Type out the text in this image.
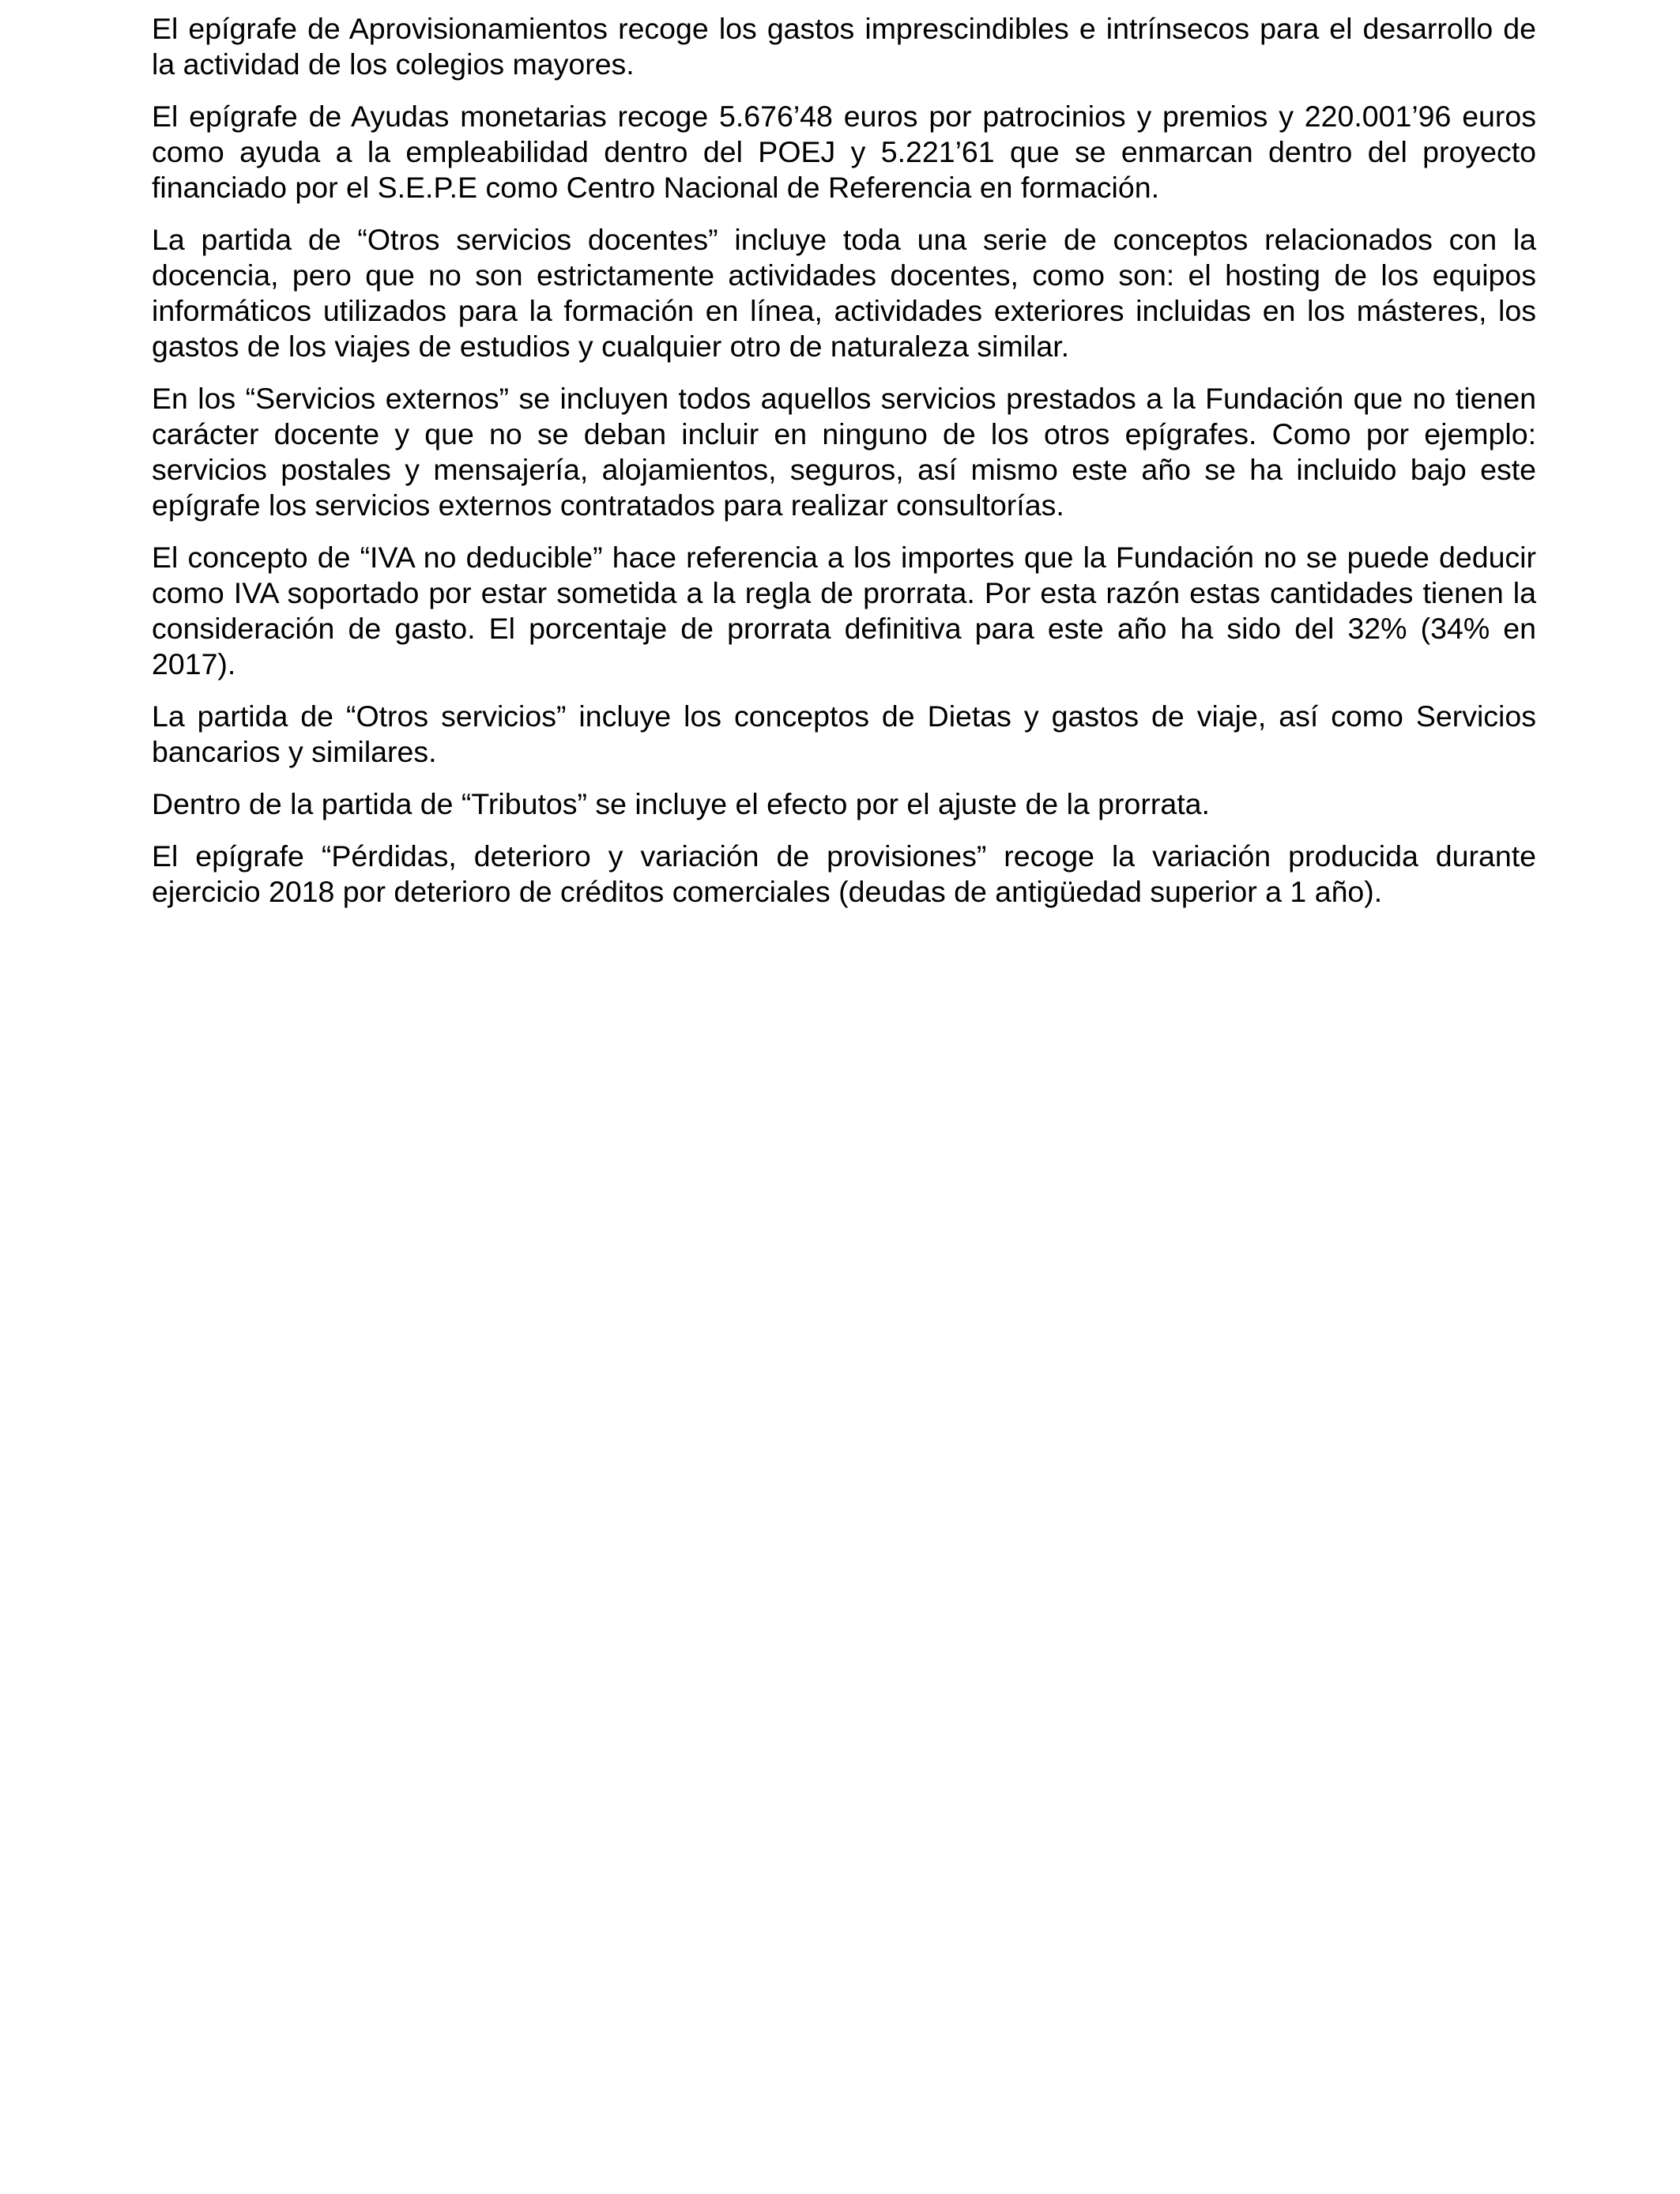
El epígrafe de Aprovisionamientos recoge los gastos imprescindibles e intrínsecos para el desarrollo de la actividad de los colegios mayores.

El epígrafe de Ayudas monetarias recoge 5.676’48 euros por patrocinios y premios y 220.001’96 euros como ayuda a la empleabilidad dentro del POEJ y 5.221’61 que se enmarcan dentro del proyecto financiado por el S.E.P.E como Centro Nacional de Referencia en formación.

La partida de “Otros servicios docentes” incluye toda una serie de conceptos relacionados con la docencia, pero que no son estrictamente actividades docentes, como son: el hosting de los equipos informáticos utilizados para la formación en línea, actividades exteriores incluidas en los másteres, los gastos de los viajes de estudios y cualquier otro de naturaleza similar.

En los “Servicios externos” se incluyen todos aquellos servicios prestados a la Fundación que no tienen carácter docente y que no se deban incluir en ninguno de los otros epígrafes. Como por ejemplo: servicios postales y mensajería, alojamientos, seguros, así mismo este año se ha incluido bajo este epígrafe los servicios externos contratados para realizar consultorías.

El concepto de “IVA no deducible” hace referencia a los importes que la Fundación no se puede deducir como IVA soportado por estar sometida a la regla de prorrata. Por esta razón estas cantidades tienen la consideración de gasto. El porcentaje de prorrata definitiva para este año ha sido del 32% (34% en 2017).

La partida de “Otros servicios” incluye los conceptos de Dietas y gastos de viaje, así como Servicios bancarios y similares.

Dentro de la partida de “Tributos” se incluye el efecto por el ajuste de la prorrata.

El epígrafe “Pérdidas, deterioro y variación de provisiones” recoge la variación producida durante ejercicio 2018 por deterioro de créditos comerciales (deudas de antigüedad superior a 1 año).
